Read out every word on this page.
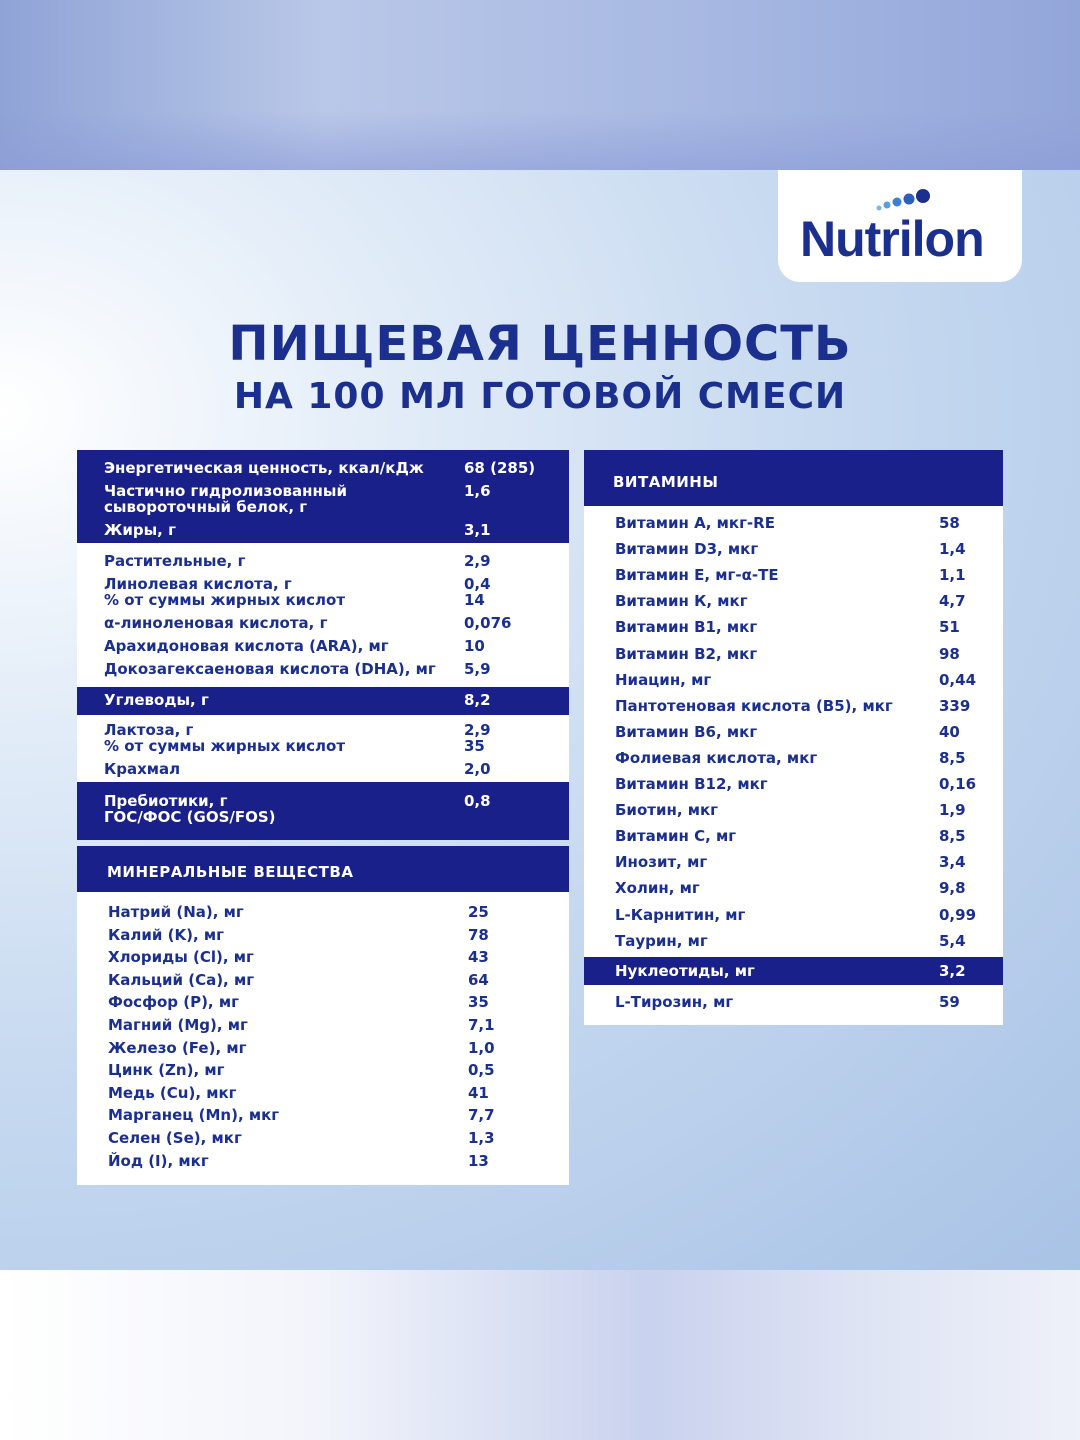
Nutrilon
ПИЩЕВАЯ ЦЕННОСТЬ
НА 100 МЛ ГОТОВОЙ СМЕСИ
Энергетическая ценность, ккал/кДж	68 (285)
Частично гидролизованный	1,6
сывороточный белок, г
Жиры, г	3,1
Растительные, г	2,9
Линолевая кислота, г	0,4
% от суммы жирных кислот	14
α-линоленовая кислота, г	0,076
Арахидоновая кислота (ARA), мг	10
Докозагексаеновая кислота (DHA), мг 5,9
Углеводы, г	8,2
Лактоза, г	2,9
% от суммы жирных кислот	35
Крахмал	2,0
Пребиотики, г	0,8
ГОС/ФОС (GOS/FOS)
МИНЕРАЛЬНЫЕ ВЕЩЕСТВА
Натрий (Na), мг	25
Калий (K), мг	78
Хлориды (Cl), мг	43
Кальций (Ca), мг	64
Фосфор (P), мг	35
Магний (Mg), мг	7,1
Железо (Fe), мг	1,0
Цинк (Zn), мг	0,5
Медь (Cu), мкг	41
Марганец (Mn), мкг	7,7
Селен (Se), мкг	1,3
Йод (I), мкг	13
ВИТАМИНЫ
Витамин А, мкг-RE	58
Витамин D3, мкг	1,4
Витамин Е, мг-α-ТЕ	1,1
Витамин К, мкг	4,7
Витамин В1, мкг	51
Витамин В2, мкг	98
Ниацин, мг	0,44
Пантотеновая кислота (В5), мкг	339
Витамин В6, мкг	40
Фолиевая кислота, мкг	8,5
Витамин В12, мкг	0,16
Биотин, мкг	1,9
Витамин С, мг	8,5
Инозит, мг	3,4
Холин, мг	9,8
L-Карнитин, мг	0,99
Таурин, мг	5,4
Нуклеотиды, мг	3,2
L-Тирозин, мг	59
